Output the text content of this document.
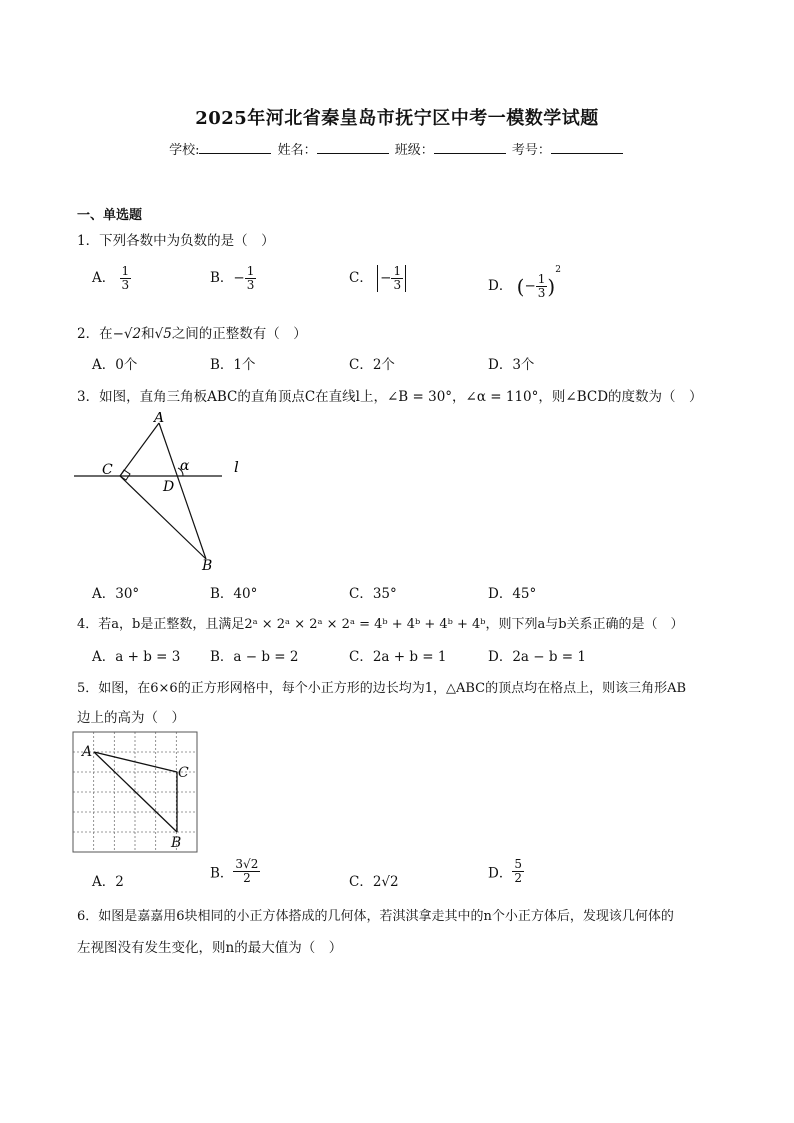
2025年河北省秦皇岛市抚宁区中考一模数学试题
学校:	姓名：	班级：	考号：
一、单选题
1．下列各数中为负数的是（　）
A． $\frac{1}{3}$	B．− $\frac{1}{3}$	C． − $\frac{1}{3}$	D． (− $\frac{1}{3} )^2$
2．在−√2和√5之间的正整数有（　）
A．0个	B．1个	C．2个	D．3个
3．如图，直角三角板ABC的直角顶点C在直线l上，∠B = 30°，∠α = 110°，则∠BCD的度数为（　）
A
B
C
D
α	l
A．30°	B．40°	C．35°	D．45°
4．若a，b是正整数，且满足2ᵃ × 2ᵃ × 2ᵃ × 2ᵃ = 4ᵇ + 4ᵇ + 4ᵇ + 4ᵇ，则下列a与b关系正确的是（　）
A．a + b = 3 B．a − b = 2	C．2a + b = 1	D．2a − b = 1
5．如图，在6×6的正方形网格中，每个小正方形的边长均为1，△ABC的顶点均在格点上，则该三角形AB
边上的高为（　）
A
C
B
A．2
B． $\frac{3√2}{2}$	C．2√2
D． $\frac{5}{2}$
6．如图是嘉嘉用6块相同的小正方体搭成的几何体，若淇淇拿走其中的n个小正方体后，发现该几何体的
左视图没有发生变化，则n的最大值为（　）
